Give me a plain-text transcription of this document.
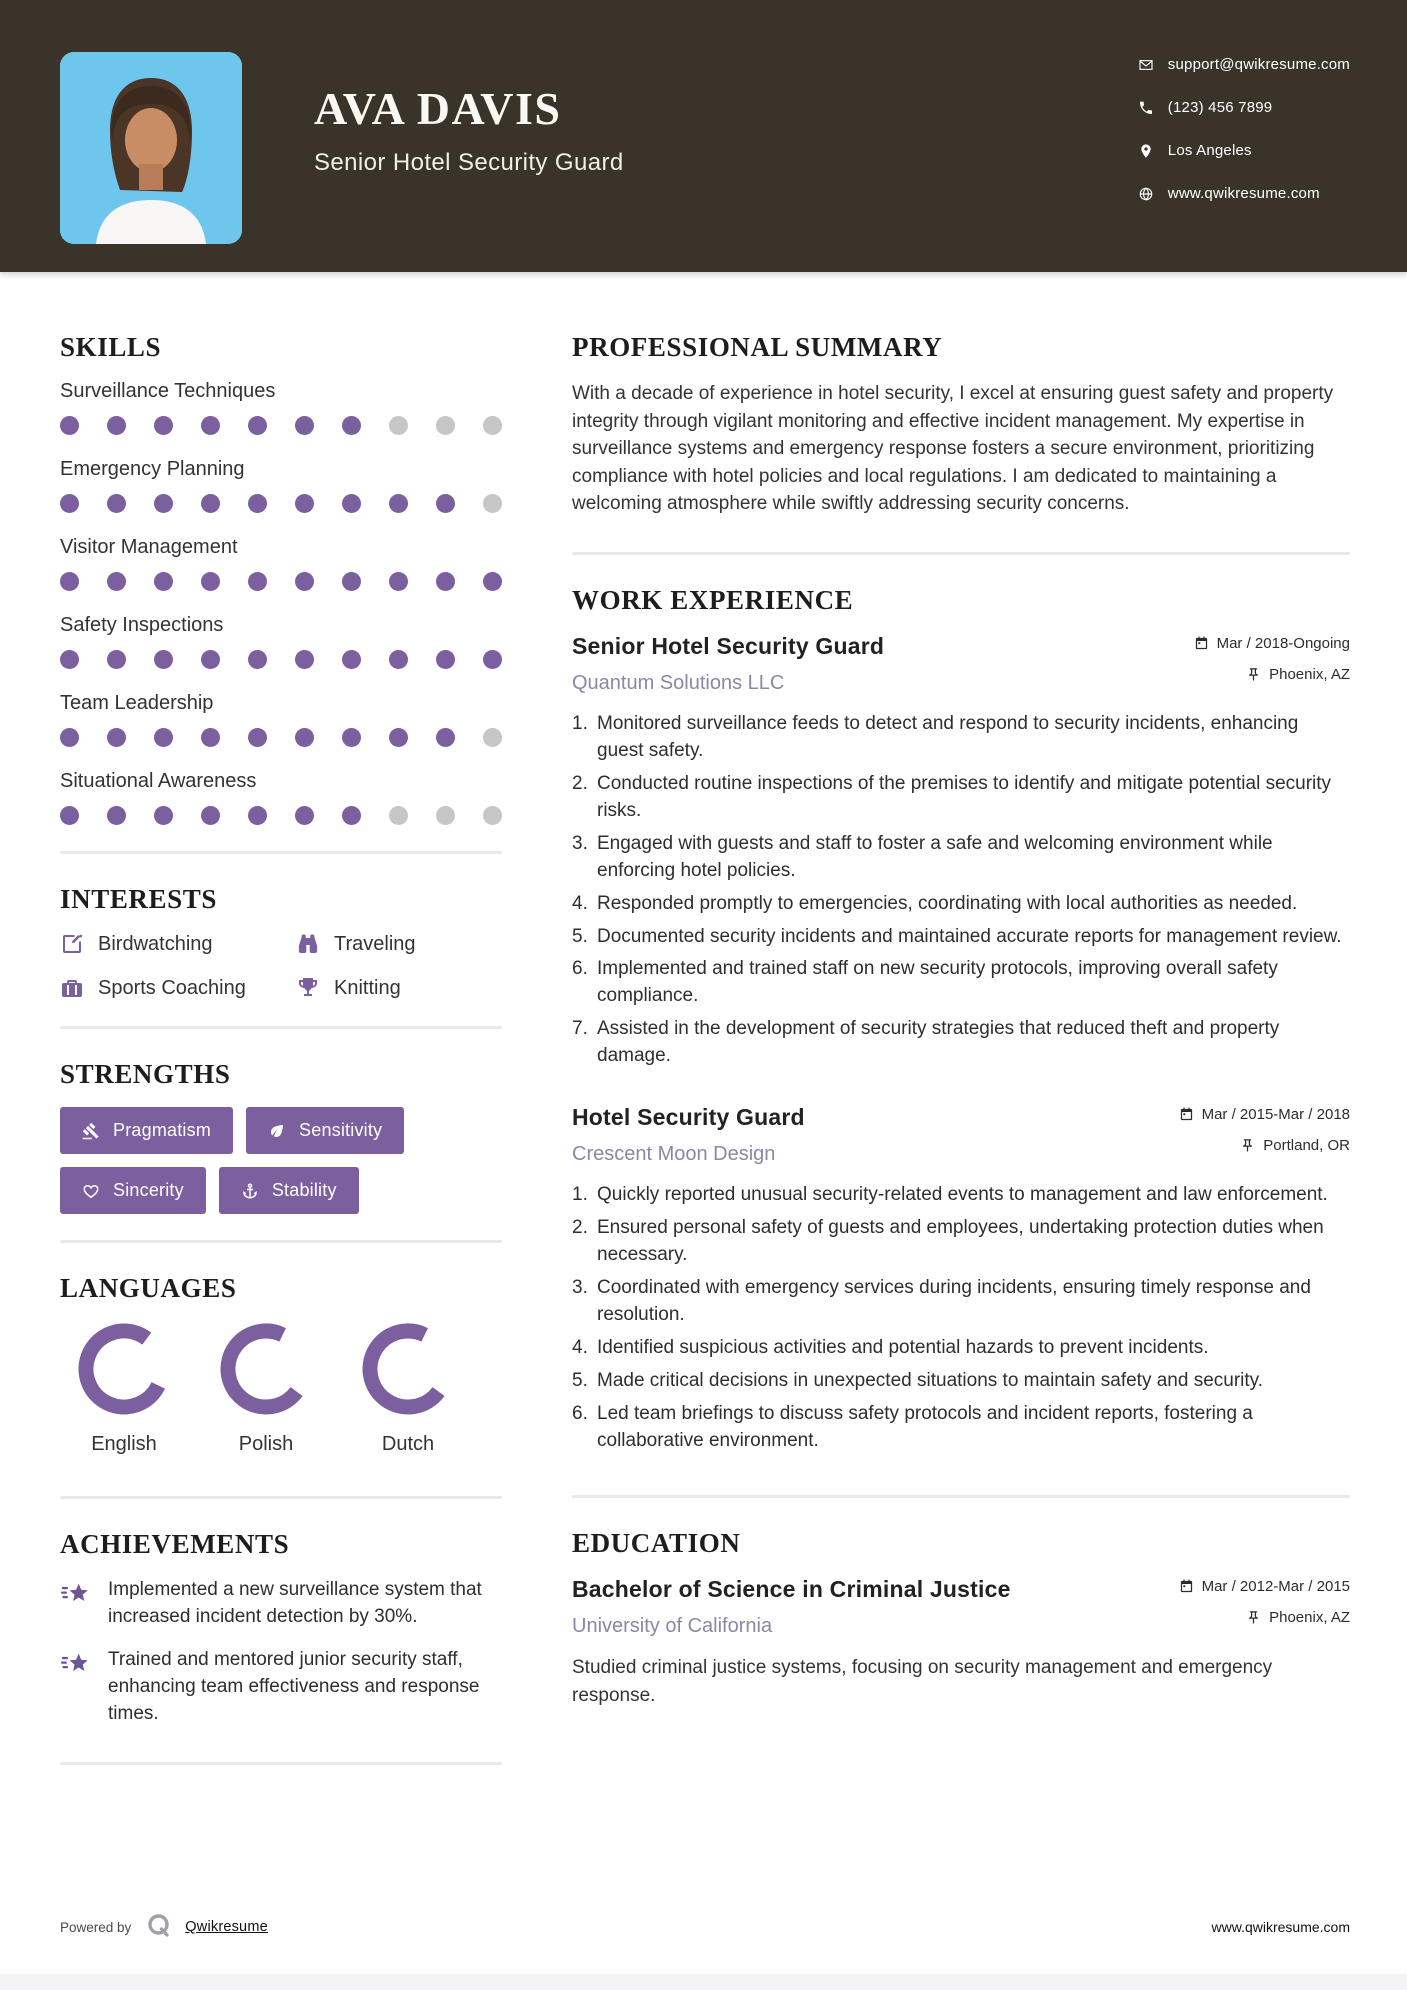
AVA DAVIS
Senior Hotel Security Guard
support@qwikresume.com
(123) 456 7899
Los Angeles
www.qwikresume.com
SKILLS
Surveillance Techniques
Emergency Planning
Visitor Management
Safety Inspections
Team Leadership
Situational Awareness
INTERESTS
Birdwatching	Traveling
Sports Coaching	Knitting
STRENGTHS
Pragmatism	Sensitivity
Sincerity	Stability
LANGUAGES
English	Polish	Dutch
ACHIEVEMENTS
Implemented a new surveillance system that increased incident detection by 30%.
Trained and mentored junior security staff, enhancing team effectiveness and response times.
PROFESSIONAL SUMMARY

With a decade of experience in hotel security, I excel at ensuring guest safety and property integrity through vigilant monitoring and effective incident management. My expertise in surveillance systems and emergency response fosters a secure environment, prioritizing compliance with hotel policies and local regulations. I am dedicated to maintaining a welcoming atmosphere while swiftly addressing security concerns.

WORK EXPERIENCE
Senior Hotel Security Guard
Quantum Solutions LLC
Mar / 2018-Ongoing
Phoenix, AZ
Monitored surveillance feeds to detect and respond to security incidents, enhancing guest safety.
Conducted routine inspections of the premises to identify and mitigate potential security risks.
Engaged with guests and staff to foster a safe and welcoming environment while enforcing hotel policies.
Responded promptly to emergencies, coordinating with local authorities as needed.
Documented security incidents and maintained accurate reports for management review.
Implemented and trained staff on new security protocols, improving overall safety compliance.
Assisted in the development of security strategies that reduced theft and property damage.
Hotel Security Guard
Crescent Moon Design
Mar / 2015-Mar / 2018
Portland, OR
Quickly reported unusual security-related events to management and law enforcement.
Ensured personal safety of guests and employees, undertaking protection duties when necessary.
Coordinated with emergency services during incidents, ensuring timely response and resolution.
Identified suspicious activities and potential hazards to prevent incidents.
Made critical decisions in unexpected situations to maintain safety and security.
Led team briefings to discuss safety protocols and incident reports, fostering a collaborative environment.
EDUCATION
Bachelor of Science in Criminal Justice
University of California
Mar / 2012-Mar / 2015
Phoenix, AZ

Studied criminal justice systems, focusing on security management and emergency response.

Powered by	Qwikresume	www.qwikresume.com
